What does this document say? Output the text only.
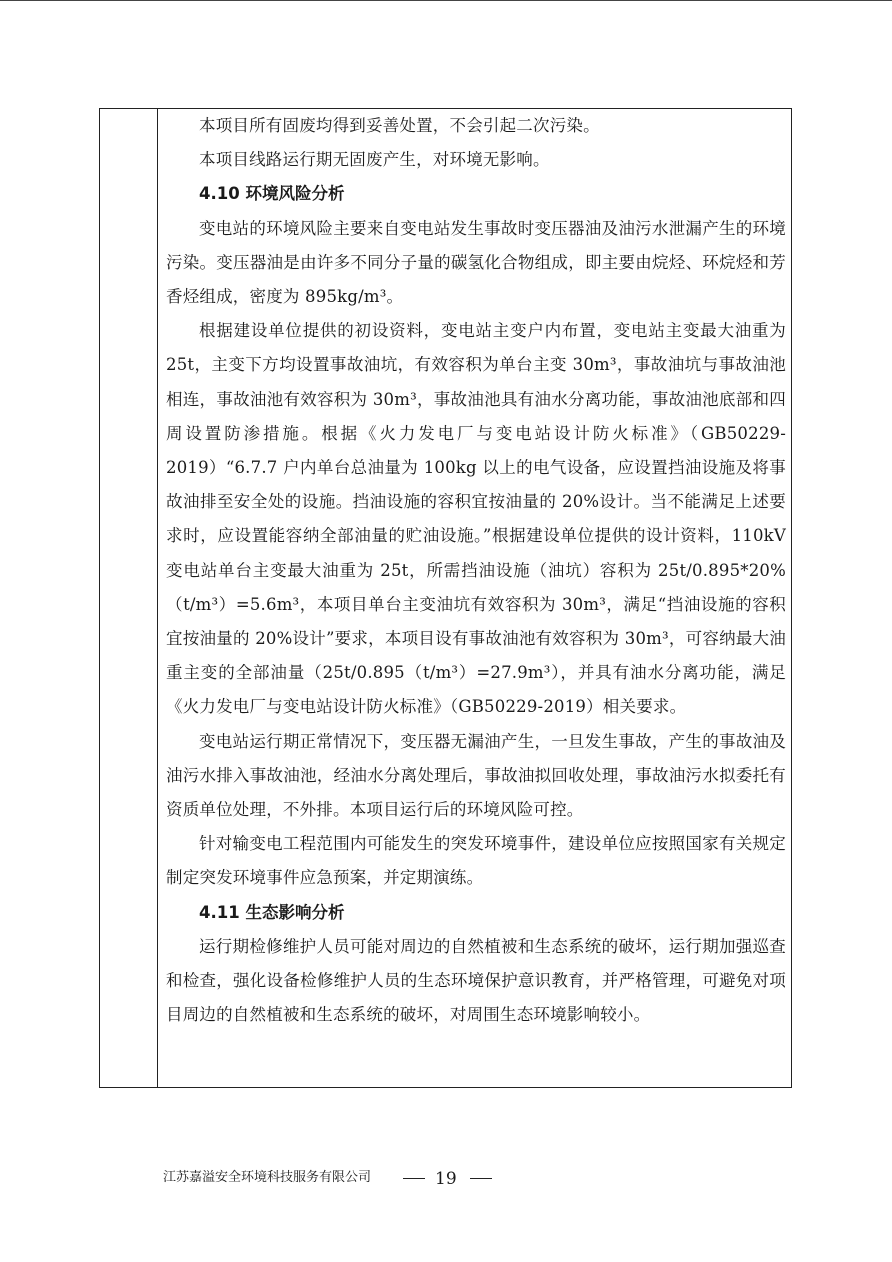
本项目所有固废均得到妥善处置，不会引起二次污染。

本项目线路运行期无固废产生，对环境无影响。

4.10 环境风险分析

变电站的环境风险主要来自变电站发生事故时变压器油及油污水泄漏产生的环境污染。变压器油是由许多不同分子量的碳氢化合物组成，即主要由烷烃、环烷烃和芳香烃组成，密度为 895kg/m³。

根据建设单位提供的初设资料，变电站主变户内布置，变电站主变最大油重为 25t，主变下方均设置事故油坑，有效容积为单台主变 30m³，事故油坑与事故油池相连，事故油池有效容积为 30m³，事故油池具有油水分离功能，事故油池底部和四周设置防渗措施。根据《火力发电厂与变电站设计防火标准》（GB50229-2019）“6.7.7 户内单台总油量为 100kg 以上的电气设备，应设置挡油设施及将事故油排至安全处的设施。挡油设施的容积宜按油量的 20%设计。当不能满足上述要求时，应设置能容纳全部油量的贮油设施。”根据建设单位提供的设计资料，110kV 变电站单台主变最大油重为 25t，所需挡油设施（油坑）容积为 25t/0.895*20%（t/m³）=5.6m³，本项目单台主变油坑有效容积为 30m³，满足“挡油设施的容积宜按油量的 20%设计”要求，本项目设有事故油池有效容积为 30m³，可容纳最大油重主变的全部油量（25t/0.895（t/m³）=27.9m³），并具有油水分离功能，满足《火力发电厂与变电站设计防火标准》（GB50229-2019）相关要求。

变电站运行期正常情况下，变压器无漏油产生，一旦发生事故，产生的事故油及油污水排入事故油池，经油水分离处理后，事故油拟回收处理，事故油污水拟委托有资质单位处理，不外排。本项目运行后的环境风险可控。

针对输变电工程范围内可能发生的突发环境事件，建设单位应按照国家有关规定制定突发环境事件应急预案，并定期演练。

4.11 生态影响分析

运行期检修维护人员可能对周边的自然植被和生态系统的破坏，运行期加强巡查和检查，强化设备检修维护人员的生态环境保护意识教育，并严格管理，可避免对项目周边的自然植被和生态系统的破坏，对周围生态环境影响较小。

江苏嘉溢安全环境科技服务有限公司	19
